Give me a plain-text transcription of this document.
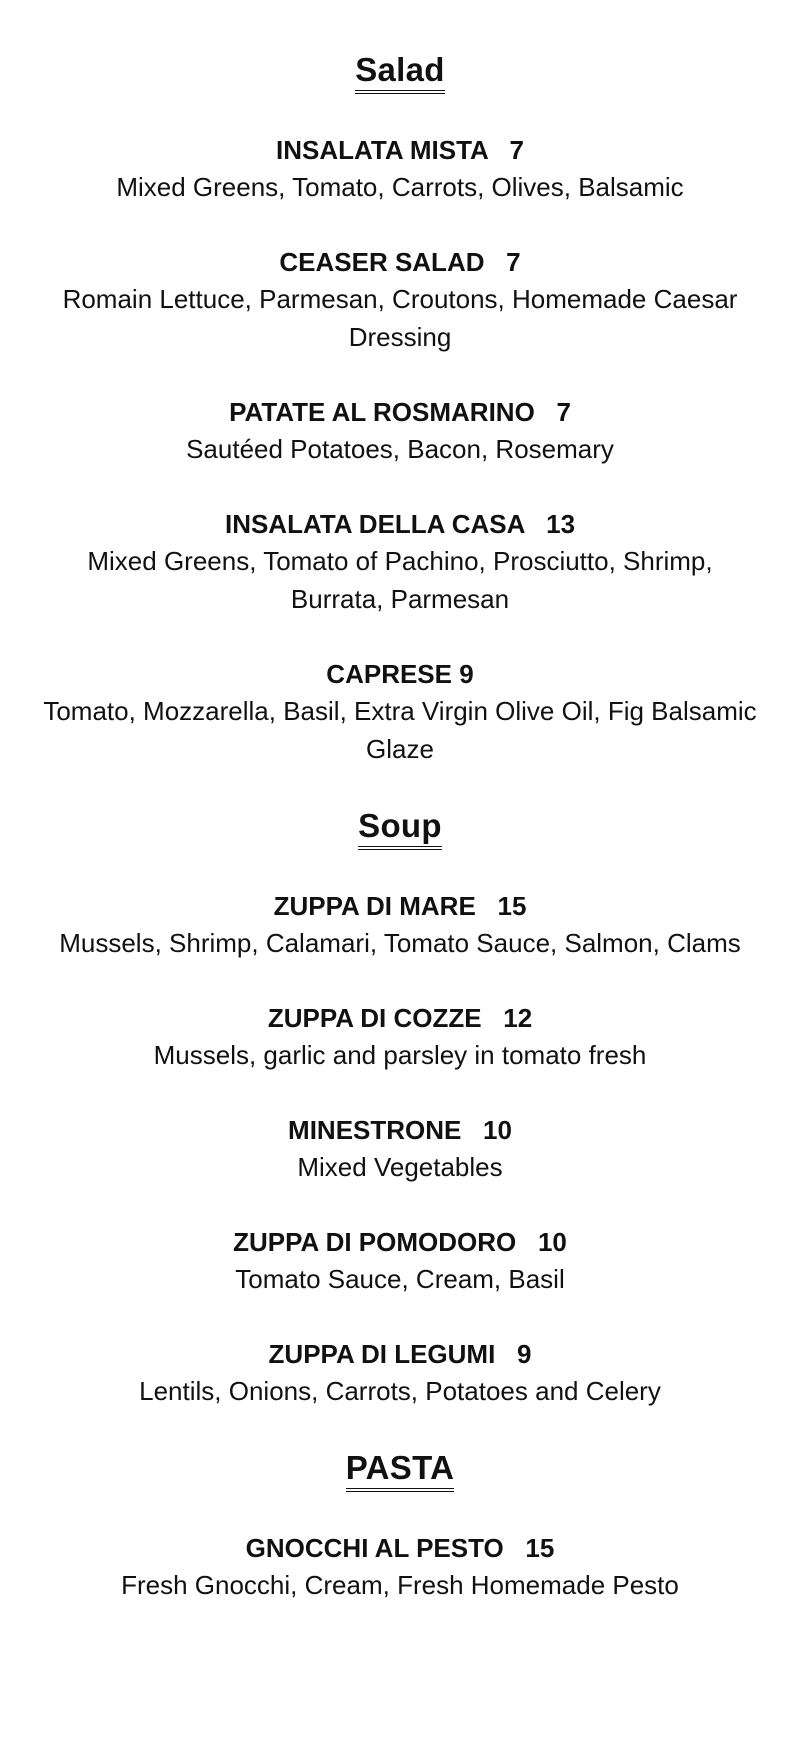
Salad
INSALATA MISTA 7
Mixed Greens, Tomato, Carrots, Olives, Balsamic
CEASER SALAD 7
Romain Lettuce, Parmesan, Croutons, Homemade Caesar Dressing
PATATE AL ROSMARINO 7
Sautéed Potatoes, Bacon, Rosemary
INSALATA DELLA CASA 13
Mixed Greens, Tomato of Pachino, Prosciutto, Shrimp, Burrata, Parmesan
CAPRESE 9
Tomato, Mozzarella, Basil, Extra Virgin Olive Oil, Fig Balsamic Glaze
Soup
ZUPPA DI MARE 15
Mussels, Shrimp, Calamari, Tomato Sauce, Salmon, Clams
ZUPPA DI COZZE 12
Mussels, garlic and parsley in tomato fresh
MINESTRONE 10
Mixed Vegetables
ZUPPA DI POMODORO 10
Tomato Sauce, Cream, Basil
ZUPPA DI LEGUMI 9
Lentils, Onions, Carrots, Potatoes and Celery
PASTA
GNOCCHI AL PESTO 15
Fresh Gnocchi, Cream, Fresh Homemade Pesto
